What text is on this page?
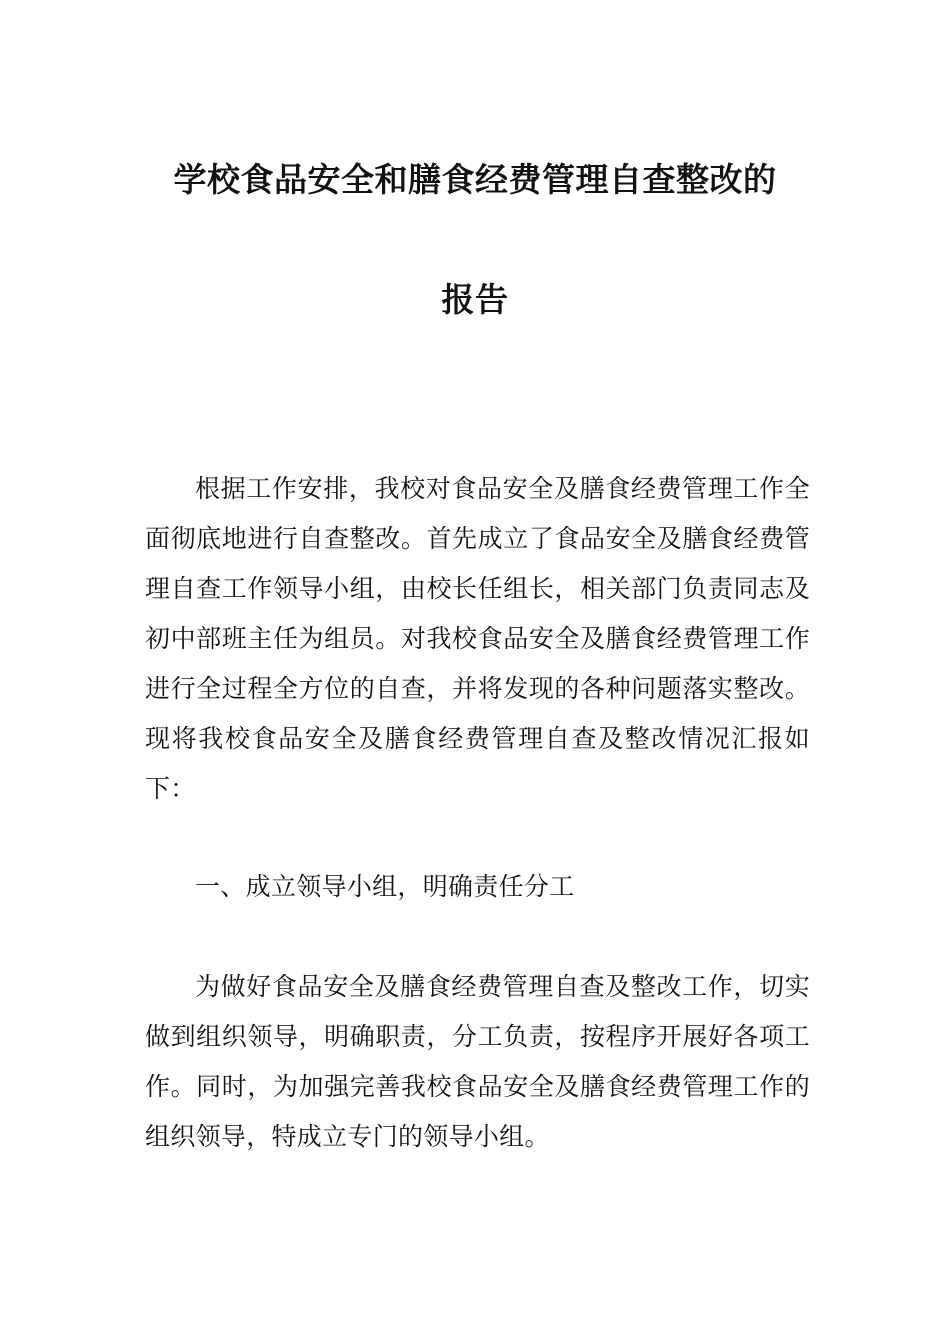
学校食品安全和膳食经费管理自查整改的
报告

根据工作安排，我校对食品安全及膳食经费管理工作全面彻底地进行自查整改。首先成立了食品安全及膳食经费管理自查工作领导小组，由校长任组长，相关部门负责同志及初中部班主任为组员。对我校食品安全及膳食经费管理工作进行全过程全方位的自查，并将发现的各种问题落实整改。现将我校食品安全及膳食经费管理自查及整改情况汇报如下：

一、成立领导小组，明确责任分工

为做好食品安全及膳食经费管理自查及整改工作，切实做到组织领导，明确职责，分工负责，按程序开展好各项工作。同时，为加强完善我校食品安全及膳食经费管理工作的组织领导，特成立专门的领导小组。
